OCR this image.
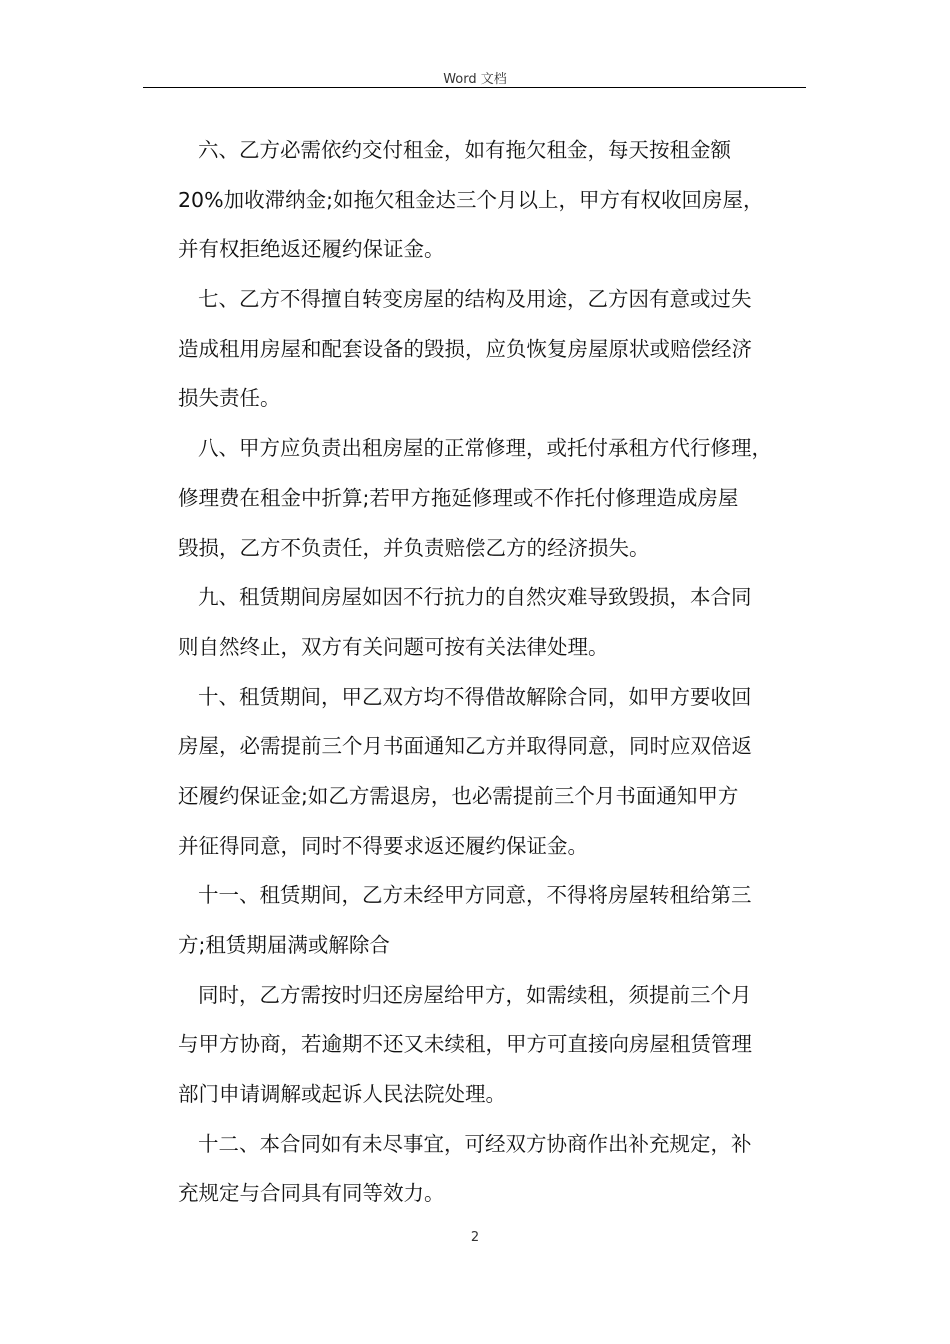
Word 文档
六、乙方必需依约交付租金，如有拖欠租金，每天按租金额
20%加收滞纳金;如拖欠租金达三个月以上，甲方有权收回房屋，
并有权拒绝返还履约保证金。
七、乙方不得擅自转变房屋的结构及用途，乙方因有意或过失
造成租用房屋和配套设备的毁损，应负恢复房屋原状或赔偿经济
损失责任。
八、甲方应负责出租房屋的正常修理，或托付承租方代行修理，
修理费在租金中折算;若甲方拖延修理或不作托付修理造成房屋
毁损，乙方不负责任，并负责赔偿乙方的经济损失。
九、租赁期间房屋如因不行抗力的自然灾难导致毁损，本合同
则自然终止，双方有关问题可按有关法律处理。
十、租赁期间，甲乙双方均不得借故解除合同，如甲方要收回
房屋，必需提前三个月书面通知乙方并取得同意，同时应双倍返
还履约保证金;如乙方需退房，也必需提前三个月书面通知甲方
并征得同意，同时不得要求返还履约保证金。
十一、租赁期间，乙方未经甲方同意，不得将房屋转租给第三
方;租赁期届满或解除合
同时，乙方需按时归还房屋给甲方，如需续租，须提前三个月
与甲方协商，若逾期不还又未续租，甲方可直接向房屋租赁管理
部门申请调解或起诉人民法院处理。
十二、本合同如有未尽事宜，可经双方协商作出补充规定，补
充规定与合同具有同等效力。
2
